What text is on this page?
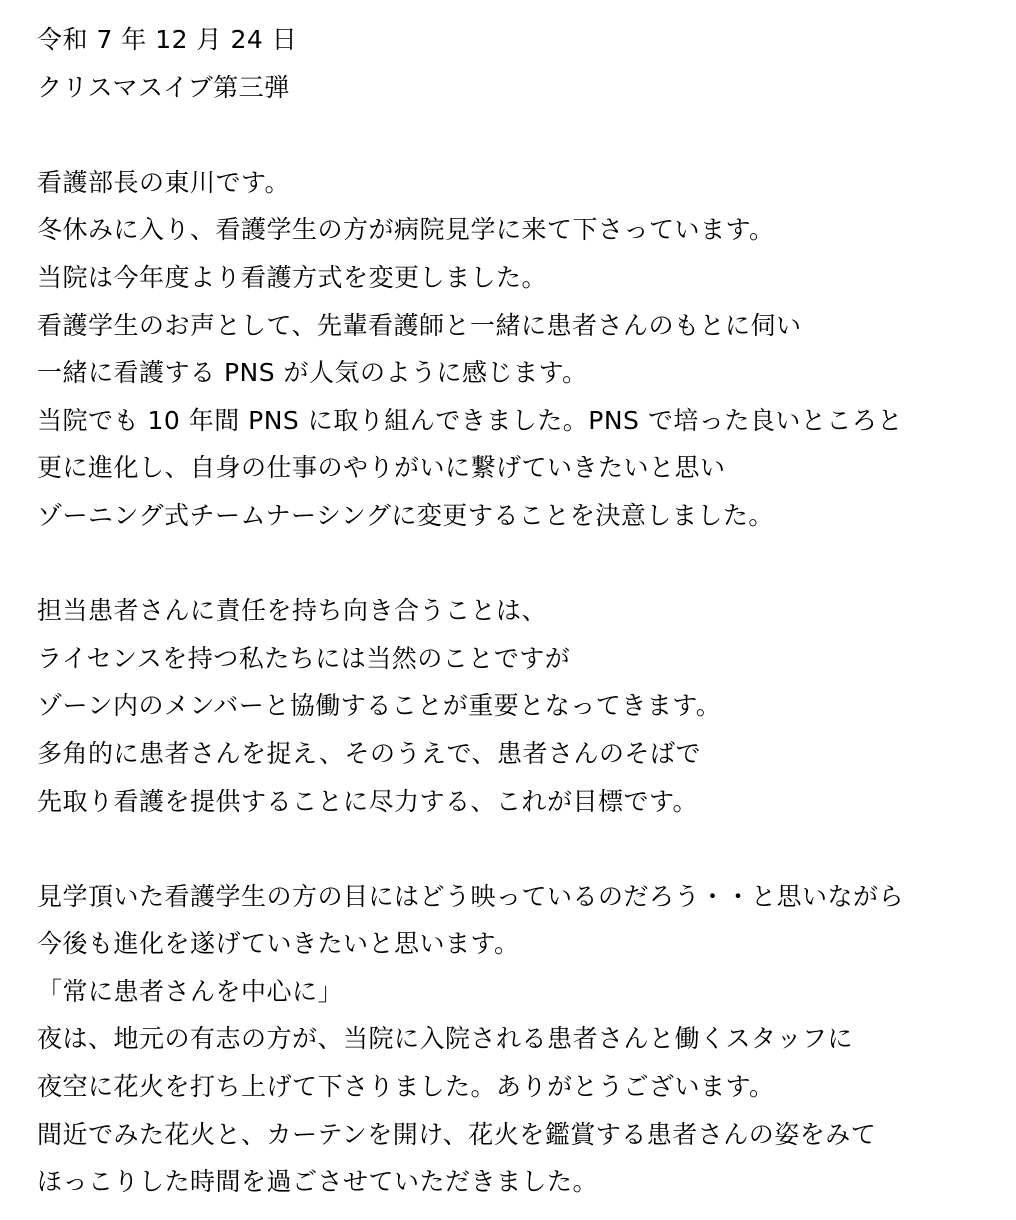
令和 7 年 12 月 24 日
クリスマスイブ第三弾
看護部長の東川です。
冬休みに入り、看護学生の方が病院見学に来て下さっています。
当院は今年度より看護方式を変更しました。
看護学生のお声として、先輩看護師と一緒に患者さんのもとに伺い
一緒に看護する PNS が人気のように感じます。
当院でも 10 年間 PNS に取り組んできました。PNS で培った良いところと
更に進化し、自身の仕事のやりがいに繋げていきたいと思い
ゾーニング式チームナーシングに変更することを決意しました。
担当患者さんに責任を持ち向き合うことは、
ライセンスを持つ私たちには当然のことですが
ゾーン内のメンバーと協働することが重要となってきます。
多角的に患者さんを捉え、そのうえで、患者さんのそばで
先取り看護を提供することに尽力する、これが目標です。
見学頂いた看護学生の方の目にはどう映っているのだろう・・と思いながら
今後も進化を遂げていきたいと思います。
「常に患者さんを中心に」
夜は、地元の有志の方が、当院に入院される患者さんと働くスタッフに
夜空に花火を打ち上げて下さりました。ありがとうございます。
間近でみた花火と、カーテンを開け、花火を鑑賞する患者さんの姿をみて
ほっこりした時間を過ごさせていただきました。
